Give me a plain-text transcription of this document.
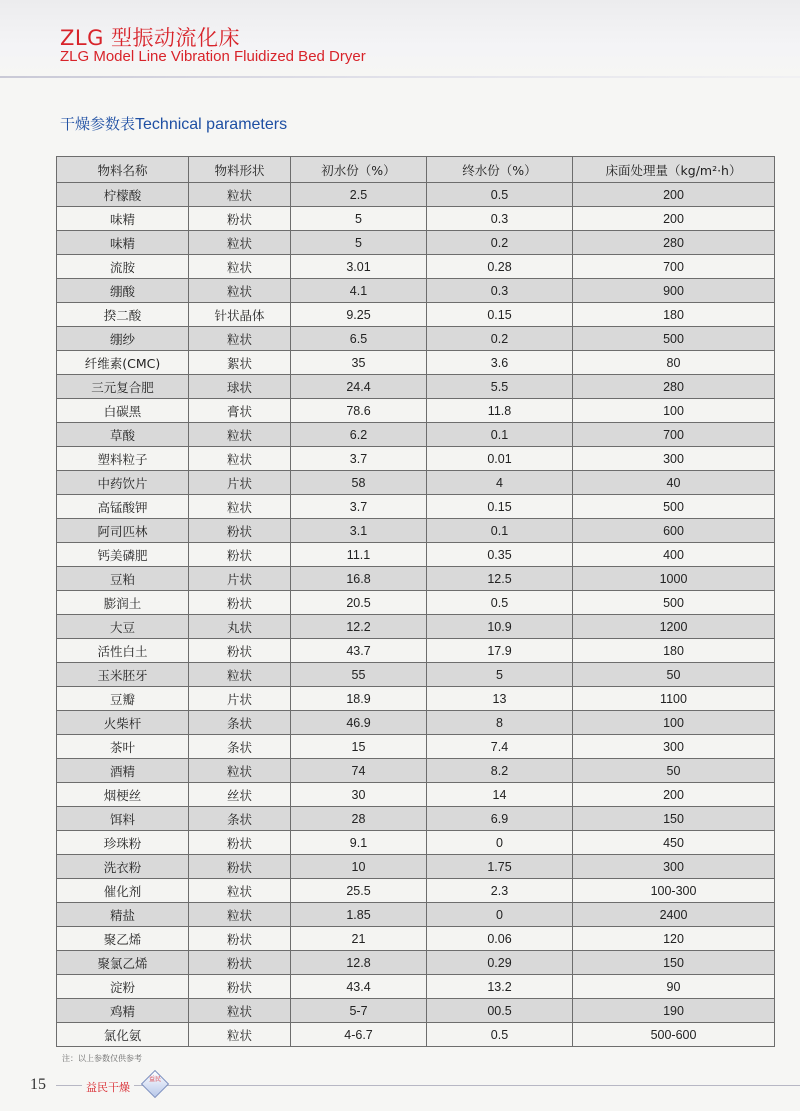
ZLG 型振动流化床
ZLG Model Line Vibration Fluidized Bed Dryer
干燥参数表Technical parameters
物料名称	物料形状	初水份（%）	终水份（%）	床面处理量（kg/m²·h）
柠檬酸	粒状	2.5	0.5	200
味精	粉状	5	0.3	200
味精	粒状	5	0.2	280
流胺	粒状	3.01	0.28	700
绷酸	粒状	4.1	0.3	900
揆二酸	针状晶体	9.25	0.15	180
绷纱	粒状	6.5	0.2	500
纤维素(CMC)	絮状	35	3.6	80
三元复合肥	球状	24.4	5.5	280
白碳黑	膏状	78.6	11.8	100
草酸	粒状	6.2	0.1	700
塑料粒子	粒状	3.7	0.01	300
中药饮片	片状	58	4	40
高锰酸钾	粒状	3.7	0.15	500
阿司匹林	粉状	3.1	0.1	600
钙美磷肥	粉状	11.1	0.35	400
豆粕	片状	16.8	12.5	1000
膨润土	粉状	20.5	0.5	500
大豆	丸状	12.2	10.9	1200
活性白土	粉状	43.7	17.9	180
玉米胚牙	粒状	55	5	50
豆瓣	片状	18.9	13	1100
火柴杆	条状	46.9	8	100
茶叶	条状	15	7.4	300
酒精	粒状	74	8.2	50
烟梗丝	丝状	30	14	200
饵料	条状	28	6.9	150
珍珠粉	粉状	9.1	0	450
洗衣粉	粉状	10	1.75	300
催化剂	粒状	25.5	2.3	100-300
精盐	粒状	1.85	0	2400
聚乙烯	粉状	21	0.06	120
聚氯乙烯	粉状	12.8	0.29	150
淀粉	粉状	43.4	13.2	90
鸡精	粒状	5-7	00.5	190
氯化氨	粒状	4-6.7	0.5	500-600
注：以上参数仅供参考
15	益民干燥
益民
